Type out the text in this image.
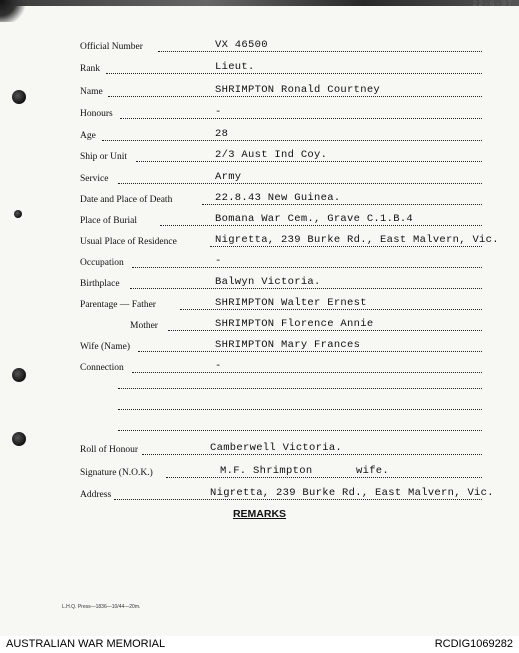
22-6-97
Official Number	VX 46500
Rank	Lieut.
Name	SHRIMPTON Ronald Courtney
Honours	-
Age	28
Ship or Unit	2/3 Aust Ind Coy.
Service	Army
Date and Place of Death	22.8.43 New Guinea.
Place of Burial	Bomana War Cem., Grave C.1.B.4
Usual Place of Residence	Nigretta, 239 Burke Rd., East Malvern, Vic.
Occupation	-
Birthplace	Balwyn Victoria.
Parentage — Father	SHRIMPTON Walter Ernest
Mother	SHRIMPTON Florence Annie
Wife (Name)	SHRIMPTON Mary Frances
Connection	-
Roll of Honour	Camberwell Victoria.
Signature (N.O.K.)	M.F. Shrimpton	wife.
Address	Nigretta, 239 Burke Rd., East Malvern, Vic.
REMARKS
L.H.Q. Press—1836—10/44—20m.
AUSTRALIAN WAR MEMORIAL	RCDIG1069282
